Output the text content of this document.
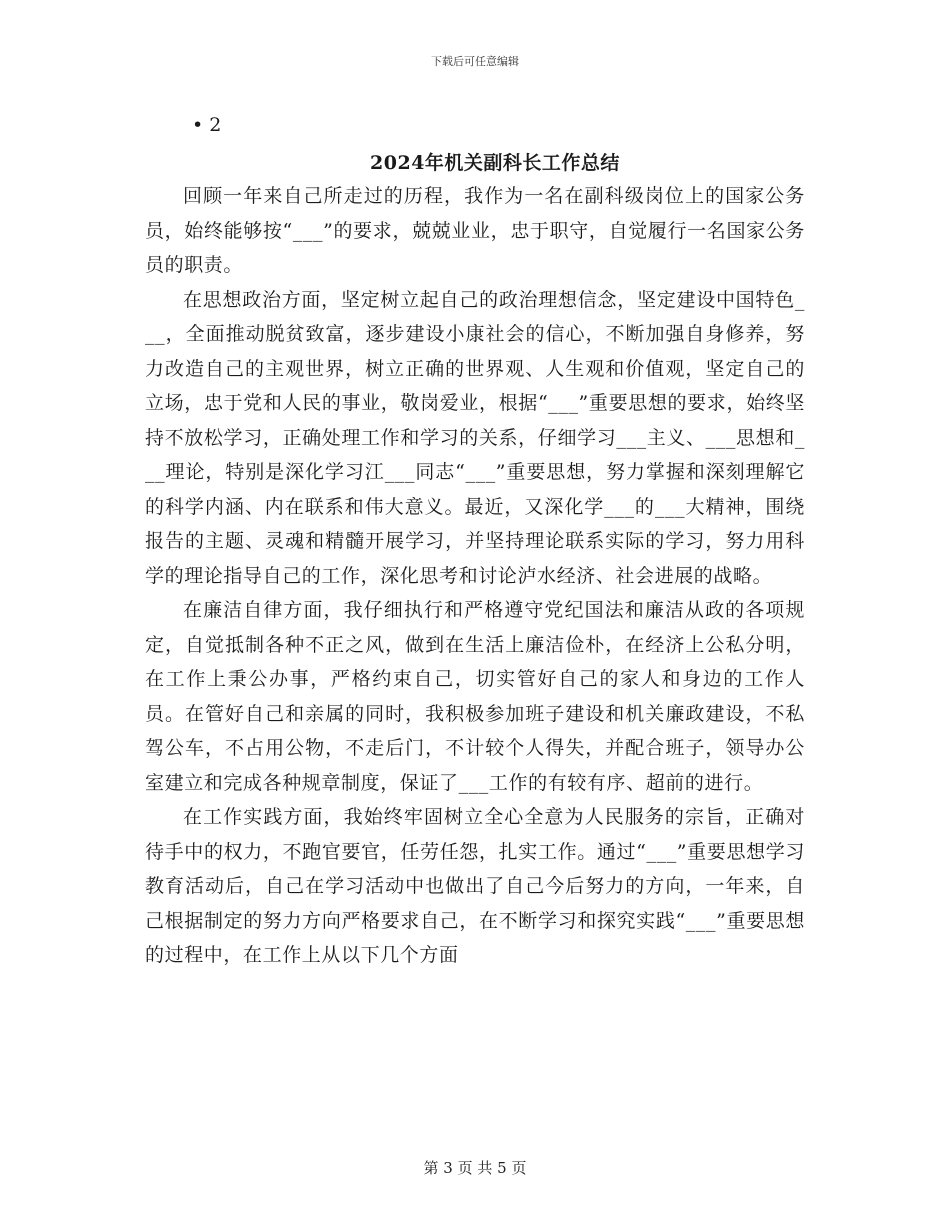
下载后可任意编辑
• 2
2024年机关副科长工作总结

回顾一年来自己所走过的历程，我作为一名在副科级岗位上的国家公务员，始终能够按“___”的要求，兢兢业业，忠于职守，自觉履行一名国家公务员的职责。

在思想政治方面，坚定树立起自己的政治理想信念，坚定建设中国特色___，全面推动脱贫致富，逐步建设小康社会的信心，不断加强自身修养，努力改造自己的主观世界，树立正确的世界观、人生观和价值观，坚定自己的立场，忠于党和人民的事业，敬岗爱业，根据“___”重要思想的要求，始终坚持不放松学习，正确处理工作和学习的关系，仔细学习___主义、___思想和___理论，特别是深化学习江___同志“___”重要思想，努力掌握和深刻理解它的科学内涵、内在联系和伟大意义。最近，又深化学___的___大精神，围绕报告的主题、灵魂和精髓开展学习，并坚持理论联系实际的学习，努力用科学的理论指导自己的工作，深化思考和讨论泸水经济、社会进展的战略。

在廉洁自律方面，我仔细执行和严格遵守党纪国法和廉洁从政的各项规定，自觉抵制各种不正之风，做到在生活上廉洁俭朴，在经济上公私分明，在工作上秉公办事，严格约束自己，切实管好自己的家人和身边的工作人员。在管好自己和亲属的同时，我积极参加班子建设和机关廉政建设，不私驾公车，不占用公物，不走后门，不计较个人得失，并配合班子，领导办公室建立和完成各种规章制度，保证了___工作的有较有序、超前的进行。

在工作实践方面，我始终牢固树立全心全意为人民服务的宗旨，正确对待手中的权力，不跑官要官，任劳任怨，扎实工作。通过“___”重要思想学习教育活动后，自己在学习活动中也做出了自己今后努力的方向，一年来，自己根据制定的努力方向严格要求自己，在不断学习和探究实践“___”重要思想的过程中，在工作上从以下几个方面

第 3 页 共 5 页
